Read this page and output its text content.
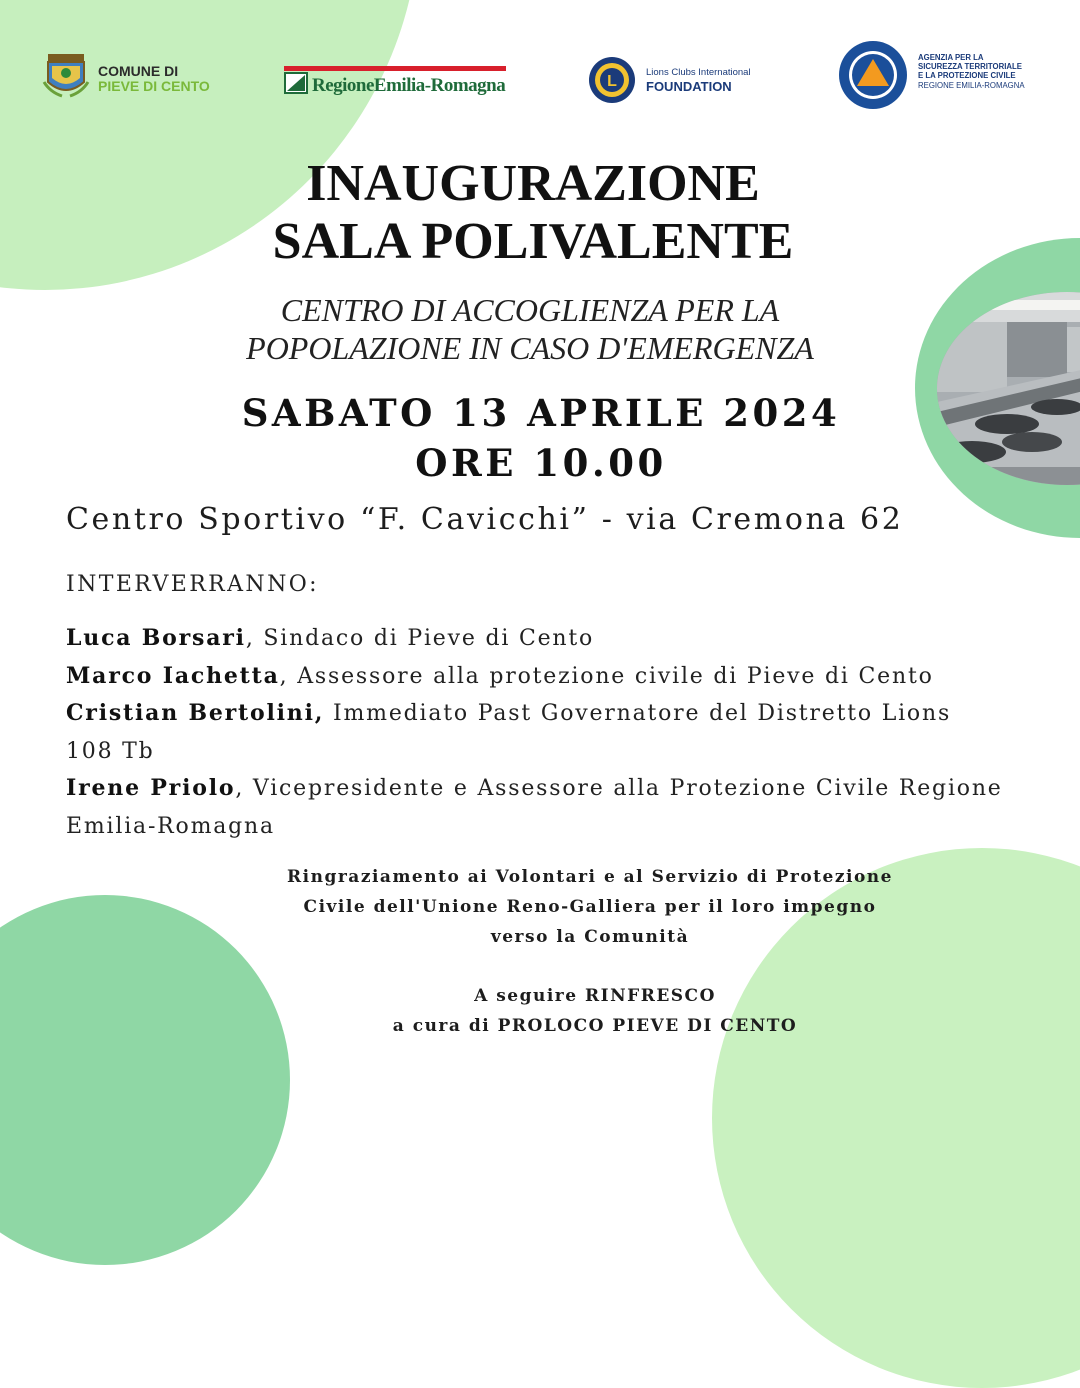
COMUNE DI
PIEVE DI CENTO	RegioneEmilia-Romagna	L
Lions Clubs International
FOUNDATION
AGENZIA PER LA
SICUREZZA TERRITORIALE
E LA PROTEZIONE CIVILE
REGIONE EMILIA-ROMAGNA
INAUGURAZIONE
SALA POLIVALENTE
CENTRO DI ACCOGLIENZA PER LA
POPOLAZIONE IN CASO D'EMERGENZA
SABATO 13 APRILE 2024
ORE 10.00
Centro Sportivo “F. Cavicchi” - via Cremona 62
INTERVERRANNO:
Luca Borsari, Sindaco di Pieve di Cento
Marco Iachetta, Assessore alla protezione civile di Pieve di Cento
Cristian Bertolini, Immediato Past Governatore del Distretto Lions 108 Tb
Irene Priolo, Vicepresidente e Assessore alla Protezione Civile Regione Emilia-Romagna
Ringraziamento ai Volontari e al Servizio di Protezione
Civile dell'Unione Reno-Galliera per il loro impegno
verso la Comunità
A seguire RINFRESCO
a cura di PROLOCO PIEVE DI CENTO
